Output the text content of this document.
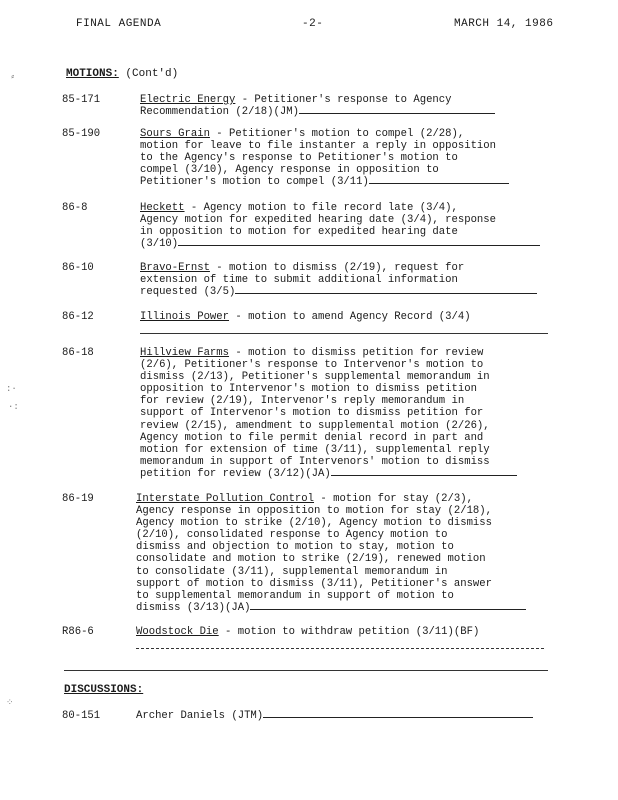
FINAL AGENDA	-2-	MARCH 14, 1986
⸗
:·
·:
⁘
MOTIONS: (Cont'd)
85-171	Electric Energy - Petitioner's response to Agency
Recommendation (2/18)(JM)
85-190	Sours Grain - Petitioner's motion to compel (2/28),
motion for leave to file instanter a reply in opposition
to the Agency's response to Petitioner's motion to
compel (3/10), Agency response in opposition to
Petitioner's motion to compel (3/11)
86-8	Heckett - Agency motion to file record late (3/4),
Agency motion for expedited hearing date (3/4), response
in opposition to motion for expedited hearing date
(3/10)
86-10	Bravo-Ernst - motion to dismiss (2/19), request for
extension of time to submit additional information
requested (3/5)
86-12	Illinois Power - motion to amend Agency Record (3/4)
86-18	Hillview Farms - motion to dismiss petition for review
(2/6), Petitioner's response to Intervenor's motion to
dismiss (2/13), Petitioner's supplemental memorandum in
opposition to Intervenor's motion to dismiss petition
for review (2/19), Intervenor's reply memorandum in
support of Intervenor's motion to dismiss petition for
review (2/15), amendment to supplemental motion (2/26),
Agency motion to file permit denial record in part and
motion for extension of time (3/11), supplemental reply
memorandum in support of Intervenors' motion to dismiss
petition for review (3/12)(JA)
86-19	Interstate Pollution Control - motion for stay (2/3),
Agency response in opposition to motion for stay (2/18),
Agency motion to strike (2/10), Agency motion to dismiss
(2/10), consolidated response to Agency motion to
dismiss and objection to motion to stay, motion to
consolidate and motion to strike (2/19), renewed motion
to consolidate (3/11), supplemental memorandum in
support of motion to dismiss (3/11), Petitioner's answer
to supplemental memorandum in support of motion to
dismiss (3/13)(JA)
R86-6	Woodstock Die - motion to withdraw petition (3/11)(BF)
DISCUSSIONS:
80-151	Archer Daniels (JTM)
